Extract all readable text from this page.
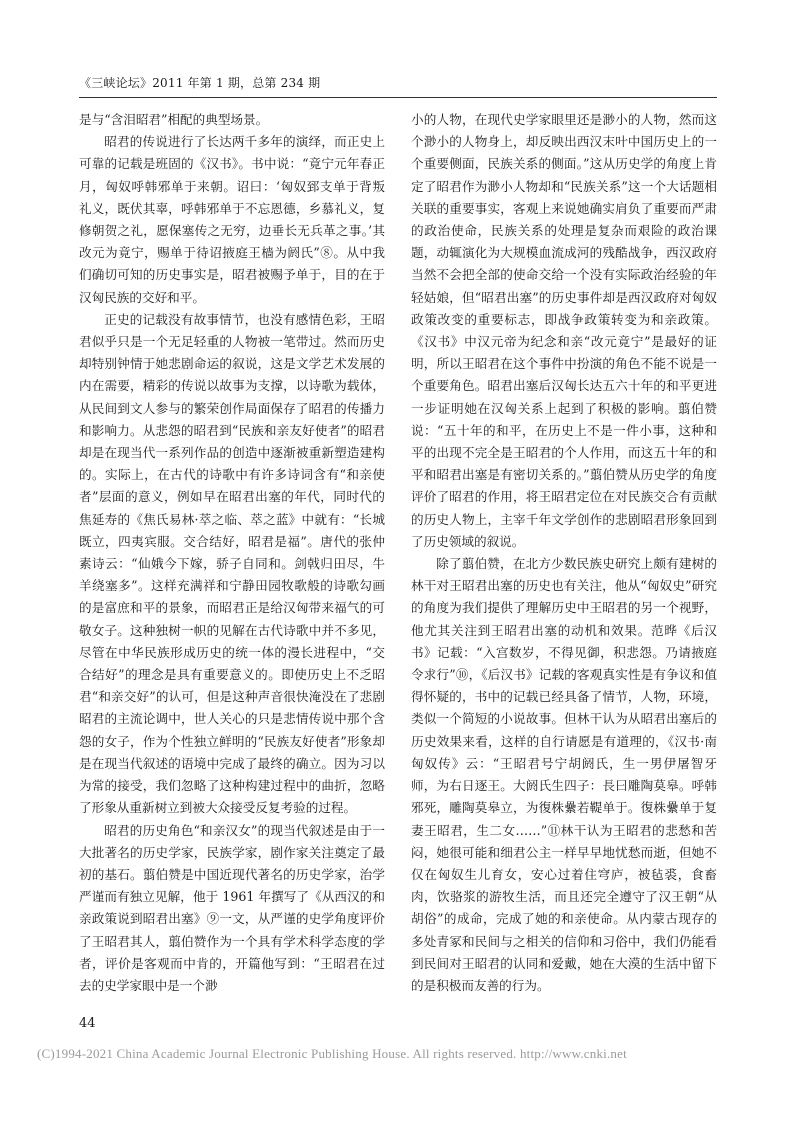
《三峡论坛》2011 年第 1 期，总第 234 期

是与“含泪昭君”相配的典型场景。

昭君的传说进行了长达两千多年的演绎，而正史上可靠的记载是班固的《汉书》。书中说：“竟宁元年春正月，匈奴呼韩邪单于来朝。诏曰：‘匈奴郅支单于背叛礼义，既伏其辜，呼韩邪单于不忘恩德，乡慕礼义，复修朝贺之礼，愿保塞传之无穷，边垂长无兵革之事。’其改元为竟宁，赐单于待诏掖庭王樯为阏氏”⑧。从中我们确切可知的历史事实是，昭君被赐予单于，目的在于汉匈民族的交好和平。

正史的记载没有故事情节，也没有感情色彩，王昭君似乎只是一个无足轻重的人物被一笔带过。然而历史却特别钟情于她悲剧命运的叙说，这是文学艺术发展的内在需要，精彩的传说以故事为支撑，以诗歌为载体，从民间到文人参与的繁荣创作局面保存了昭君的传播力和影响力。从悲怨的昭君到“民族和亲友好使者”的昭君却是在现当代一系列作品的创造中逐渐被重新塑造建构的。实际上，在古代的诗歌中有许多诗词含有“和亲使者”层面的意义，例如早在昭君出塞的年代，同时代的焦延寿的《焦氏易林·萃之临、萃之蓝》中就有：“长城既立，四夷宾服。交合结好，昭君是福”。唐代的张仲素诗云：“仙娥今下嫁，骄子自同和。剑戟归田尽，牛羊绕塞多”。这样充满祥和宁静田园牧歌般的诗歌勾画的是富庶和平的景象，而昭君正是给汉匈带来福气的可敬女子。这种独树一帜的见解在古代诗歌中并不多见，尽管在中华民族形成历史的统一体的漫长进程中，“交合结好”的理念是具有重要意义的。即使历史上不乏昭君“和亲交好”的认可，但是这种声音很快淹没在了悲剧昭君的主流论调中，世人关心的只是悲情传说中那个含怨的女子，作为个性独立鲜明的“民族友好使者”形象却是在现当代叙述的语境中完成了最终的确立。因为习以为常的接受，我们忽略了这种构建过程中的曲折，忽略了形象从重新树立到被大众接受反复考验的过程。

昭君的历史角色“和亲汉女”的现当代叙述是由于一大批著名的历史学家，民族学家，剧作家关注奠定了最初的基石。翦伯赞是中国近现代著名的历史学家，治学严谨而有独立见解，他于 1961 年撰写了《从西汉的和亲政策说到昭君出塞》⑨一文，从严谨的史学角度评价了王昭君其人，翦伯赞作为一个具有学术科学态度的学者，评价是客观而中肯的，开篇他写到：“王昭君在过去的史学家眼中是一个渺

小的人物，在现代史学家眼里还是渺小的人物，然而这个渺小的人物身上，却反映出西汉末叶中国历史上的一个重要侧面，民族关系的侧面。”这从历史学的角度上肯定了昭君作为渺小人物却和“民族关系”这一个大话题相关联的重要事实，客观上来说她确实肩负了重要而严肃的政治使命，民族关系的处理是复杂而艰险的政治课题，动辄演化为大规模血流成河的残酷战争，西汉政府当然不会把全部的使命交给一个没有实际政治经验的年轻姑娘，但“昭君出塞”的历史事件却是西汉政府对匈奴政策改变的重要标志，即战争政策转变为和亲政策。《汉书》中汉元帝为纪念和亲“改元竟宁”是最好的证明，所以王昭君在这个事件中扮演的角色不能不说是一个重要角色。昭君出塞后汉匈长达五六十年的和平更进一步证明她在汉匈关系上起到了积极的影响。翦伯赞说：“五十年的和平，在历史上不是一件小事，这种和平的出现不完全是王昭君的个人作用，而这五十年的和平和昭君出塞是有密切关系的。”翦伯赞从历史学的角度评价了昭君的作用，将王昭君定位在对民族交合有贡献的历史人物上，主宰千年文学创作的悲剧昭君形象回到了历史领域的叙说。

除了翦伯赞，在北方少数民族史研究上颇有建树的林干对王昭君出塞的历史也有关注，他从“匈奴史”研究的角度为我们提供了理解历史中王昭君的另一个视野，他尤其关注到王昭君出塞的动机和效果。范晔《后汉书》记载：“入宫数岁，不得见御，积悲怨。乃请掖庭令求行”⑩，《后汉书》记载的客观真实性是有争议和值得怀疑的，书中的记载已经具备了情节，人物，环境，类似一个简短的小说故事。但林干认为从昭君出塞后的历史效果来看，这样的自行请愿是有道理的，《汉书·南匈奴传》云：“王昭君号宁胡阏氏，生一男伊屠智牙师，为右日逐王。大阏氏生四子：長曰雕陶莫皋。呼韩邪死，雕陶莫皋立，为復株纍若鞮单于。復株纍单于复妻王昭君，生二女……”⑪林干认为王昭君的悲愁和苦闷，她很可能和细君公主一样早早地忧愁而逝，但她不仅在匈奴生儿育女，安心过着住穹庐，被毡裘，食畜肉，饮骆浆的游牧生活，而且还完全遵守了汉王朝“从胡俗”的成命，完成了她的和亲使命。从内蒙古现存的多处青冢和民间与之相关的信仰和习俗中，我们仍能看到民间对王昭君的认同和爱戴，她在大漠的生活中留下的是积极而友善的行为。

44
(C)1994-2021 China Academic Journal Electronic Publishing House. All rights reserved. http://www.cnki.net
